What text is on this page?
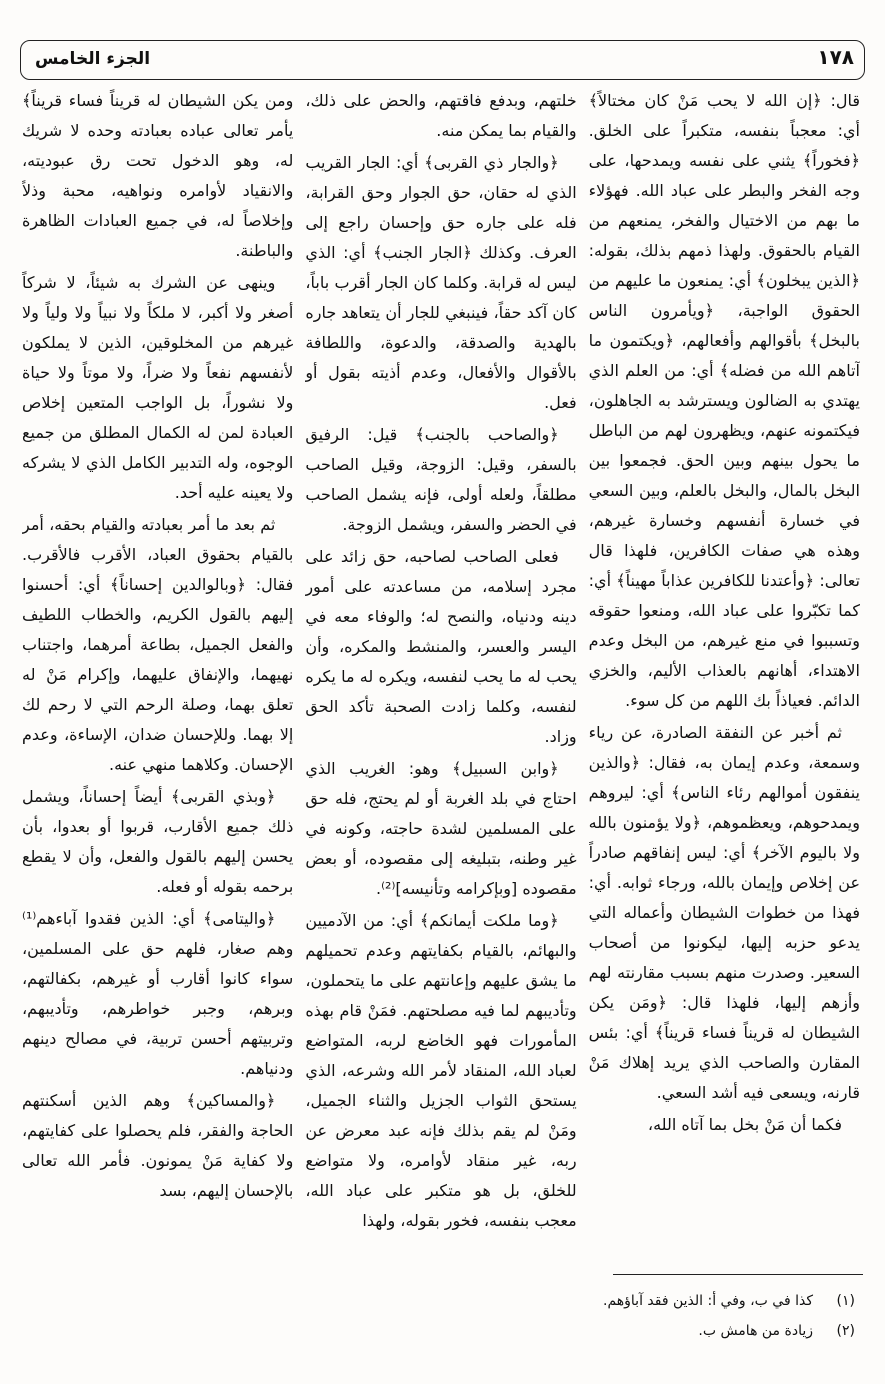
١٧٨
الجزء الخامس

ومن يكن الشيطان له قريناً فساء قريناً﴾ يأمر تعالى عباده بعبادته وحده لا شريك له، وهو الدخول تحت رق عبوديته، والانقياد لأوامره ونواهيه، محبة وذلاً وإخلاصاً له، في جميع العبادات الظاهرة والباطنة.

وينهى عن الشرك به شيئاً، لا شركاً أصغر ولا أكبر، لا ملكاً ولا نبياً ولا ولياً ولا غيرهم من المخلوقين، الذين لا يملكون لأنفسهم نفعاً ولا ضراً، ولا موتاً ولا حياة ولا نشوراً، بل الواجب المتعين إخلاص العبادة لمن له الكمال المطلق من جميع الوجوه، وله التدبير الكامل الذي لا يشركه ولا يعينه عليه أحد.

ثم بعد ما أمر بعبادته والقيام بحقه، أمر بالقيام بحقوق العباد، الأقرب فالأقرب. فقال: ﴿وبالوالدين إحساناً﴾ أي: أحسنوا إليهم بالقول الكريم، والخطاب اللطيف والفعل الجميل، بطاعة أمرهما، واجتناب نهيهما، والإنفاق عليهما، وإكرام مَنْ له تعلق بهما، وصلة الرحم التي لا رحم لك إلا بهما. وللإحسان ضدان، الإساءة، وعدم الإحسان. وكلاهما منهي عنه.

﴿وبذي القربى﴾ أيضاً إحساناً، ويشمل ذلك جميع الأقارب، قربوا أو بعدوا، بأن يحسن إليهم بالقول والفعل، وأن لا يقطع برحمه بقوله أو فعله.

﴿واليتامى﴾ أي: الذين فقدوا آباءهم⁽¹⁾ وهم صغار، فلهم حق على المسلمين، سواء كانوا أقارب أو غيرهم، بكفالتهم، وبرهم، وجبر خواطرهم، وتأديبهم، وتربيتهم أحسن تربية، في مصالح دينهم ودنياهم.

﴿والمساكين﴾ وهم الذين أسكنتهم الحاجة والفقر، فلم يحصلوا على كفايتهم، ولا كفاية مَنْ يمونون. فأمر الله تعالى بالإحسان إليهم، بسد

خلتهم، وبدفع فاقتهم، والحض على ذلك، والقيام بما يمكن منه.

﴿والجار ذي القربى﴾ أي: الجار القريب الذي له حقان، حق الجوار وحق القرابة، فله على جاره حق وإحسان راجع إلى العرف. وكذلك ﴿الجار الجنب﴾ أي: الذي ليس له قرابة. وكلما كان الجار أقرب باباً، كان آكد حقاً، فينبغي للجار أن يتعاهد جاره بالهدية والصدقة، والدعوة، واللطافة بالأقوال والأفعال، وعدم أذيته بقول أو فعل.

﴿والصاحب بالجنب﴾ قيل: الرفيق بالسفر، وقيل: الزوجة، وقيل الصاحب مطلقاً، ولعله أولى، فإنه يشمل الصاحب في الحضر والسفر، ويشمل الزوجة.

فعلى الصاحب لصاحبه، حق زائد على مجرد إسلامه، من مساعدته على أمور دينه ودنياه، والنصح له؛ والوفاء معه في اليسر والعسر، والمنشط والمكره، وأن يحب له ما يحب لنفسه، ويكره له ما يكره لنفسه، وكلما زادت الصحبة تأكد الحق وزاد.

﴿وابن السبيل﴾ وهو: الغريب الذي احتاج في بلد الغربة أو لم يحتج، فله حق على المسلمين لشدة حاجته، وكونه في غير وطنه، بتبليغه إلى مقصوده، أو بعض مقصوده [وبإكرامه وتأنيسه]⁽²⁾.

﴿وما ملكت أيمانكم﴾ أي: من الآدميين والبهائم، بالقيام بكفايتهم وعدم تحميلهم ما يشق عليهم وإعانتهم على ما يتحملون، وتأديبهم لما فيه مصلحتهم. فمَنْ قام بهذه المأمورات فهو الخاضع لربه، المتواضع لعباد الله، المنقاد لأمر الله وشرعه، الذي يستحق الثواب الجزيل والثناء الجميل، ومَنْ لم يقم بذلك فإنه عبد معرض عن ربه، غير منقاد لأوامره، ولا متواضع للخلق، بل هو متكبر على عباد الله، معجب بنفسه، فخور بقوله، ولهذا

قال: ﴿إن الله لا يحب مَنْ كان مختالاً﴾ أي: معجباً بنفسه، متكبراً على الخلق. ﴿فخوراً﴾ يثني على نفسه ويمدحها، على وجه الفخر والبطر على عباد الله. فهؤلاء ما بهم من الاختيال والفخر، يمنعهم من القيام بالحقوق. ولهذا ذمهم بذلك، بقوله: ﴿الذين يبخلون﴾ أي: يمنعون ما عليهم من الحقوق الواجبة، ﴿ويأمرون الناس بالبخل﴾ بأقوالهم وأفعالهم، ﴿ويكتمون ما آتاهم الله من فضله﴾ أي: من العلم الذي يهتدي به الضالون ويسترشد به الجاهلون، فيكتمونه عنهم، ويظهرون لهم من الباطل ما يحول بينهم وبين الحق. فجمعوا بين البخل بالمال، والبخل بالعلم، وبين السعي في خسارة أنفسهم وخسارة غيرهم، وهذه هي صفات الكافرين، فلهذا قال تعالى: ﴿وأعتدنا للكافرين عذاباً مهيناً﴾ أي: كما تكبّروا على عباد الله، ومنعوا حقوقه وتسببوا في منع غيرهم، من البخل وعدم الاهتداء، أهانهم بالعذاب الأليم، والخزي الدائم. فعياذاً بك اللهم من كل سوء.

ثم أخبر عن النفقة الصادرة، عن رياء وسمعة، وعدم إيمان به، فقال: ﴿والذين ينفقون أموالهم رئاء الناس﴾ أي: ليروهم ويمدحوهم، ويعظموهم، ﴿ولا يؤمنون بالله ولا باليوم الآخر﴾ أي: ليس إنفاقهم صادراً عن إخلاص وإيمان بالله، ورجاء ثوابه. أي: فهذا من خطوات الشيطان وأعماله التي يدعو حزبه إليها، ليكونوا من أصحاب السعير. وصدرت منهم بسبب مقارنته لهم وأزهم إليها، فلهذا قال: ﴿ومَن يكن الشيطان له قريناً فساء قريناً﴾ أي: بئس المقارن والصاحب الذي يريد إهلاك مَنْ قارنه، ويسعى فيه أشد السعي.

فكما أن مَنْ بخل بما آتاه الله،

(١)
كذا في ب، وفي أ: الذين فقد آباؤهم.
(٢)
زيادة من هامش ب.
